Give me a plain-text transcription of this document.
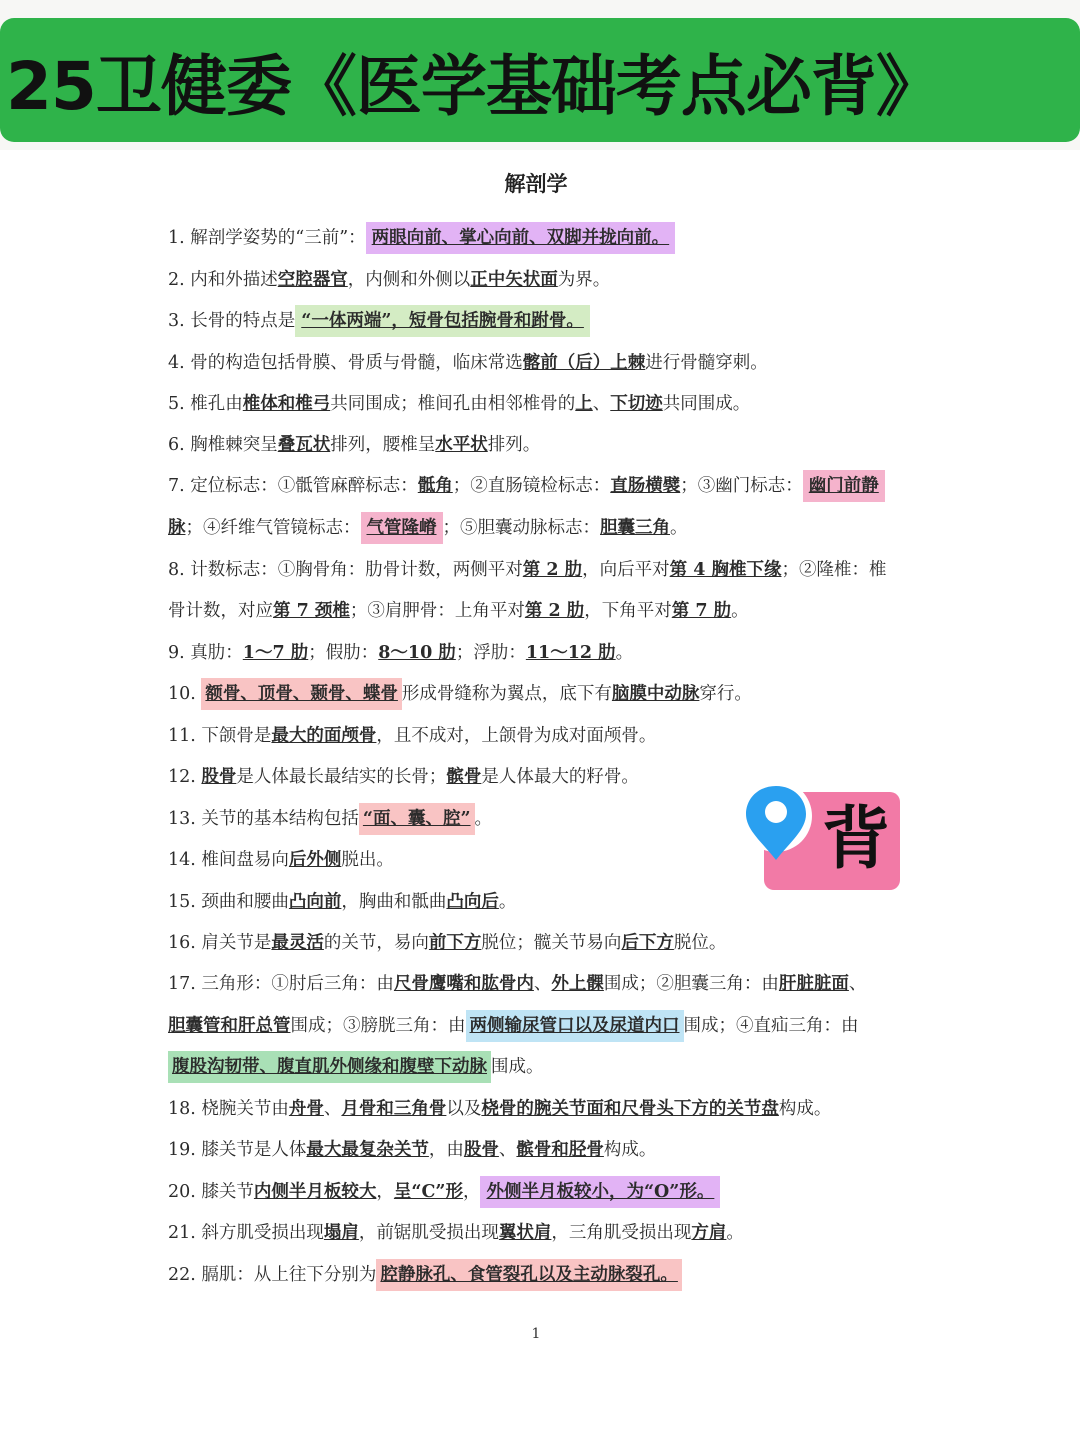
25卫健委《医学基础考点必背》
解剖学
1. 解剖学姿势的“三前”： 两眼向前、掌心向前、双脚并拢向前。
2. 内和外描述空腔器官，内侧和外侧以正中矢状面为界。
3. 长骨的特点是 “一体两端”，短骨包括腕骨和跗骨。
4. 骨的构造包括骨膜、骨质与骨髓，临床常选髂前（后）上棘进行骨髓穿刺。
5. 椎孔由椎体和椎弓共同围成；椎间孔由相邻椎骨的上、下切迹共同围成。
6. 胸椎棘突呈叠瓦状排列，腰椎呈水平状排列。
7. 定位标志：①骶管麻醉标志：骶角；②直肠镜检标志：直肠横襞；③幽门标志： 幽门前静
脉；④纤维气管镜标志： 气管隆嵴 ；⑤胆囊动脉标志：胆囊三角。
8. 计数标志：①胸骨角：肋骨计数，两侧平对第 2 肋，向后平对第 4 胸椎下缘；②隆椎：椎
骨计数，对应第 7 颈椎；③肩胛骨：上角平对第 2 肋，下角平对第 7 肋。
9. 真肋：1～7 肋；假肋：8～10 肋；浮肋：11～12 肋。
10. 额骨、顶骨、颞骨、蝶骨 形成骨缝称为翼点，底下有脑膜中动脉穿行。
11. 下颌骨是最大的面颅骨，且不成对，上颌骨为成对面颅骨。
12. 股骨是人体最长最结实的长骨；髌骨是人体最大的籽骨。
13. 关节的基本结构包括 “面、囊、腔” 。
14. 椎间盘易向后外侧脱出。
15. 颈曲和腰曲凸向前，胸曲和骶曲凸向后。
16. 肩关节是最灵活的关节，易向前下方脱位；髋关节易向后下方脱位。
17. 三角形：①肘后三角：由尺骨鹰嘴和肱骨内、外上髁围成；②胆囊三角：由肝脏脏面、
胆囊管和肝总管围成；③膀胱三角：由 两侧输尿管口以及尿道内口 围成；④直疝三角：由
腹股沟韧带、腹直肌外侧缘和腹壁下动脉 围成。
18. 桡腕关节由舟骨、月骨和三角骨以及桡骨的腕关节面和尺骨头下方的关节盘构成。
19. 膝关节是人体最大最复杂关节，由股骨、髌骨和胫骨构成。
20. 膝关节内侧半月板较大，呈“C”形， 外侧半月板较小，为“O”形。
21. 斜方肌受损出现塌肩，前锯肌受损出现翼状肩，三角肌受损出现方肩。
22. 膈肌：从上往下分别为 腔静脉孔、食管裂孔以及主动脉裂孔。
背
1
